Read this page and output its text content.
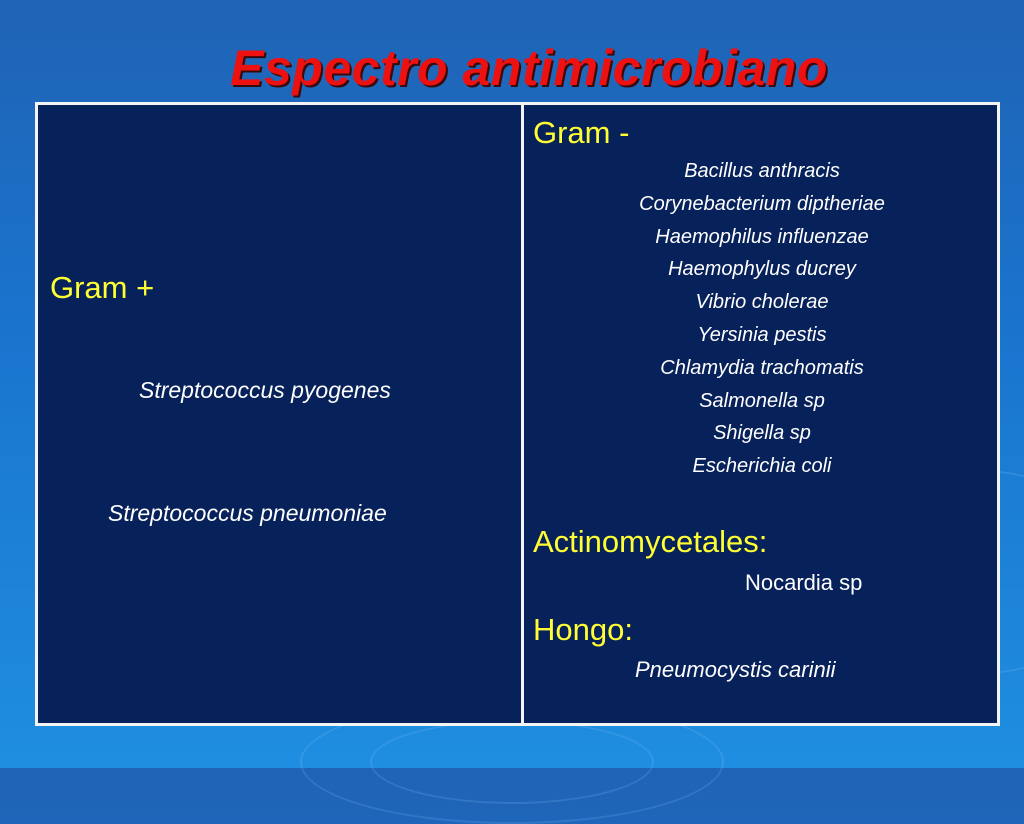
Espectro antimicrobiano
Gram +
Streptococcus pyogenes
Streptococcus pneumoniae
Gram -
Bacillus anthracis
Corynebacterium diptheriae
Haemophilus influenzae
Haemophylus ducrey
Vibrio cholerae
Yersinia pestis
Chlamydia trachomatis
Salmonella sp
Shigella sp
Escherichia coli
Actinomycetales:
Nocardia sp
Hongo:
Pneumocystis carinii
